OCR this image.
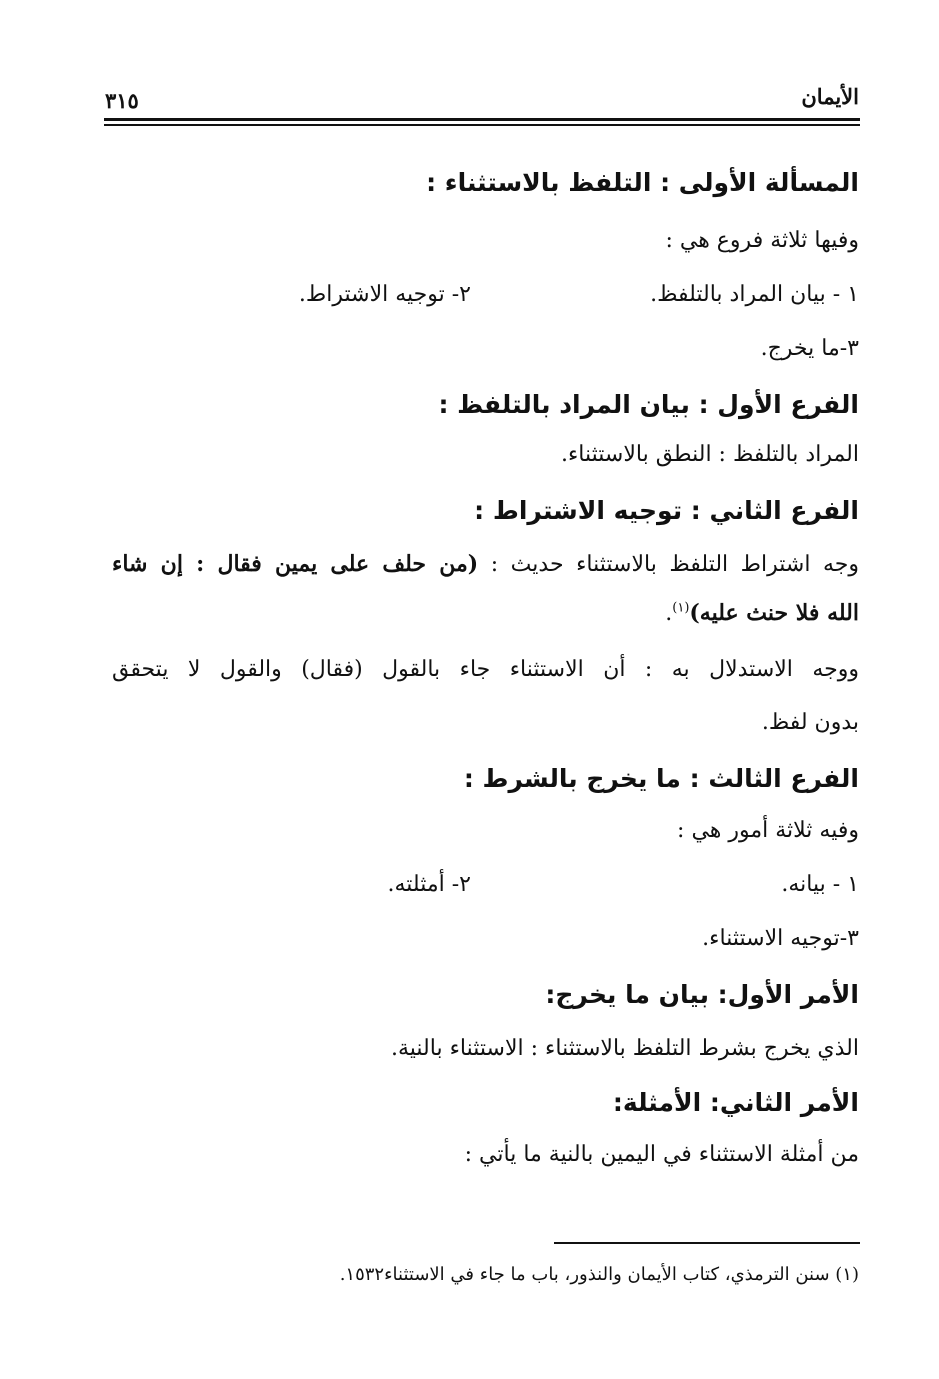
الأيمان
٣١٥
المسألة الأولى : التلفظ بالاستثناء :
وفيها ثلاثة فروع هي :
١ - بيان المراد بالتلفظ.
٢- توجيه الاشتراط.
٣-ما يخرج.
الفرع الأول : بيان المراد بالتلفظ :
المراد بالتلفظ : النطق بالاستثناء.
الفرع الثاني : توجيه الاشتراط :
وجه اشتراط التلفظ بالاستثناء حديث : (من حلف على يمين فقال : إن شاء
الله فلا حنث عليه)$^{(١)}$.
ووجه الاستدلال به : أن الاستثناء جاء بالقول (فقال) والقول لا يتحقق
بدون لفظ.
الفرع الثالث : ما يخرج بالشرط :
وفيه ثلاثة أمور هي :
١ - بيانه.
٢- أمثلته.
٣-توجيه الاستثناء.
الأمر الأول: بيان ما يخرج:
الذي يخرج بشرط التلفظ بالاستثناء : الاستثناء بالنية.
الأمر الثاني: الأمثلة:
من أمثلة الاستثناء في اليمين بالنية ما يأتي :
(١) سنن الترمذي، كتاب الأيمان والنذور، باب ما جاء في الاستثناء١٥٣٢.
